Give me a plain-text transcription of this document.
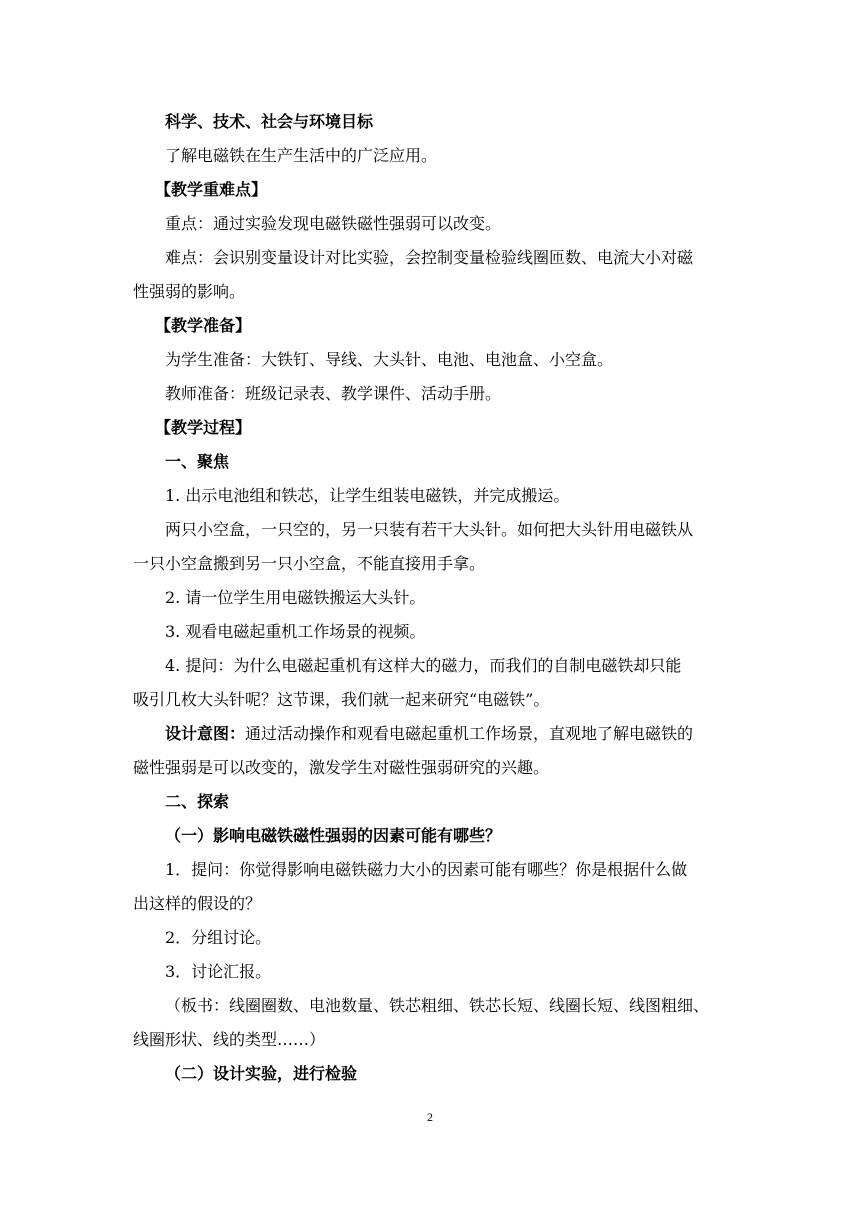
科学、技术、社会与环境目标
了解电磁铁在生产生活中的广泛应用。
【教学重难点】
重点：通过实验发现电磁铁磁性强弱可以改变。
难点：会识别变量设计对比实验，会控制变量检验线圈匝数、电流大小对磁
性强弱的影响。
【教学准备】
为学生准备：大铁钉、导线、大头针、电池、电池盒、小空盒。
教师准备：班级记录表、教学课件、活动手册。
【教学过程】
一、聚焦
1. 出示电池组和铁芯，让学生组装电磁铁，并完成搬运。
两只小空盒，一只空的，另一只装有若干大头针。如何把大头针用电磁铁从
一只小空盒搬到另一只小空盒，不能直接用手拿。
2. 请一位学生用电磁铁搬运大头针。
3. 观看电磁起重机工作场景的视频。
4. 提问：为什么电磁起重机有这样大的磁力，而我们的自制电磁铁却只能
吸引几枚大头针呢？这节课，我们就一起来研究“电磁铁”。
设计意图：通过活动操作和观看电磁起重机工作场景，直观地了解电磁铁的
磁性强弱是可以改变的，激发学生对磁性强弱研究的兴趣。
二、探索
（一）影响电磁铁磁性强弱的因素可能有哪些？
1．提问：你觉得影响电磁铁磁力大小的因素可能有哪些？你是根据什么做
出这样的假设的？
2．分组讨论。
3．讨论汇报。
（板书：线圈圈数、电池数量、铁芯粗细、铁芯长短、线圈长短、线图粗细、
线圈形状、线的类型……）
（二）设计实验，进行检验
2
